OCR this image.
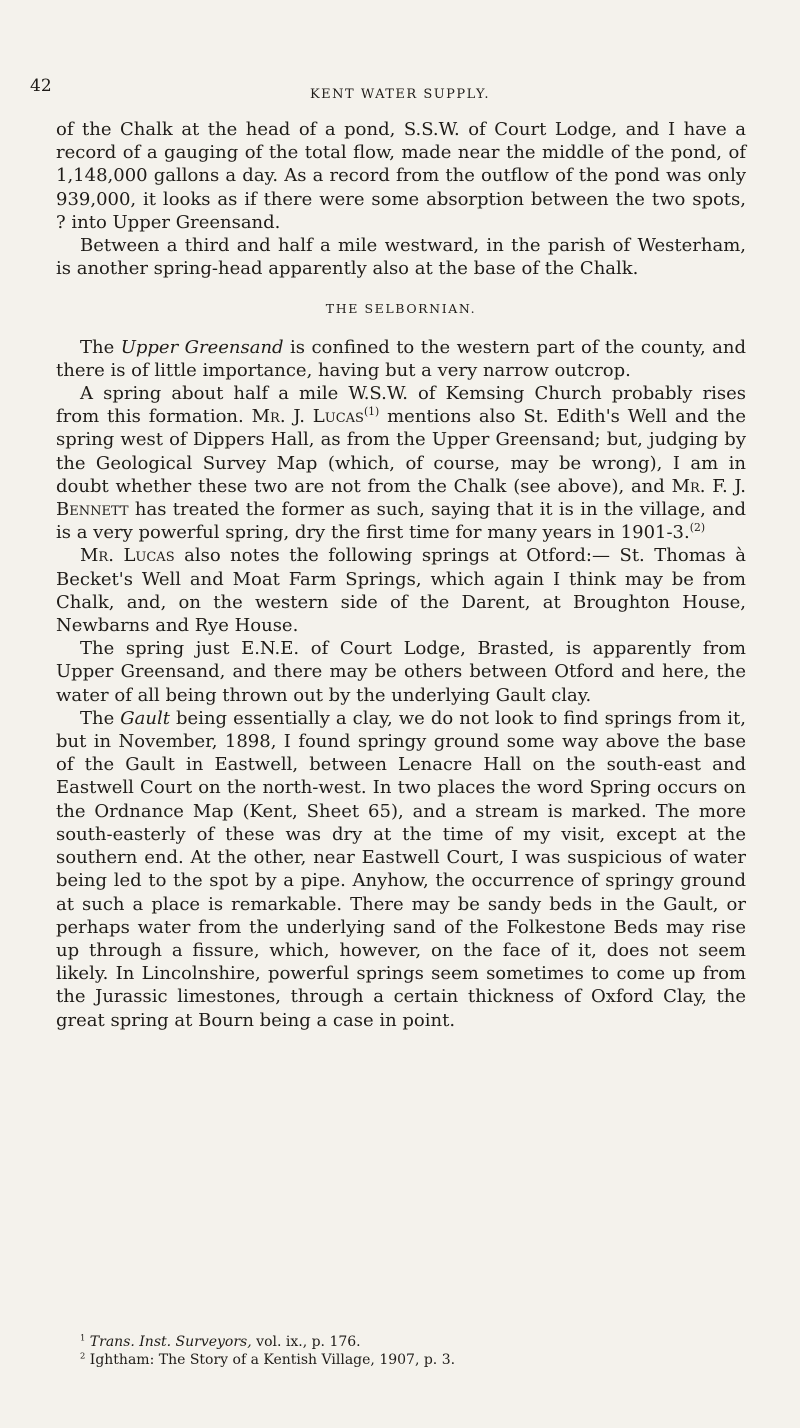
42	KENT WATER SUPPLY.

of the Chalk at the head of a pond, S.S.W. of Court Lodge, and I have a record of a gauging of the total flow, made near the middle of the pond, of 1,148,000 gallons a day. As a record from the outflow of the pond was only 939,000, it looks as if there were some absorption between the two spots, ? into Upper Greensand.

Between a third and half a mile westward, in the parish of Westerham, is another spring-head apparently also at the base of the Chalk.

THE SELBORNIAN.

The Upper Greensand is confined to the western part of the county, and there is of little importance, having but a very narrow outcrop.

A spring about half a mile W.S.W. of Kemsing Church probably rises from this formation. Mr. J. Lucas$^{(1)}$ mentions also St. Edith's Well and the spring west of Dippers Hall, as from the Upper Greensand; but, judging by the Geological Survey Map (which, of course, may be wrong), I am in doubt whether these two are not from the Chalk (see above), and Mr. F. J. Bennett has treated the former as such, saying that it is in the village, and is a very powerful spring, dry the first time for many years in 1901-3.$^{(2)}$

Mr. Lucas also notes the following springs at Otford:— St. Thomas à Becket's Well and Moat Farm Springs, which again I think may be from Chalk, and, on the western side of the Darent, at Broughton House, Newbarns and Rye House.

The spring just E.N.E. of Court Lodge, Brasted, is apparently from Upper Greensand, and there may be others between Otford and here, the water of all being thrown out by the underlying Gault clay.

The Gault being essentially a clay, we do not look to find springs from it, but in November, 1898, I found springy ground some way above the base of the Gault in Eastwell, between Lenacre Hall on the south-east and Eastwell Court on the north-west. In two places the word Spring occurs on the Ordnance Map (Kent, Sheet 65), and a stream is marked. The more south-easterly of these was dry at the time of my visit, except at the southern end. At the other, near Eastwell Court, I was suspicious of water being led to the spot by a pipe. Anyhow, the occurrence of springy ground at such a place is remarkable. There may be sandy beds in the Gault, or perhaps water from the underlying sand of the Folkestone Beds may rise up through a fissure, which, however, on the face of it, does not seem likely. In Lincolnshire, powerful springs seem sometimes to come up from the Jurassic limestones, through a certain thickness of Oxford Clay, the great spring at Bourn being a case in point.

$^1$ Trans. Inst. Surveyors, vol. ix., p. 176.

$^2$ Ightham: The Story of a Kentish Village, 1907, p. 3.
